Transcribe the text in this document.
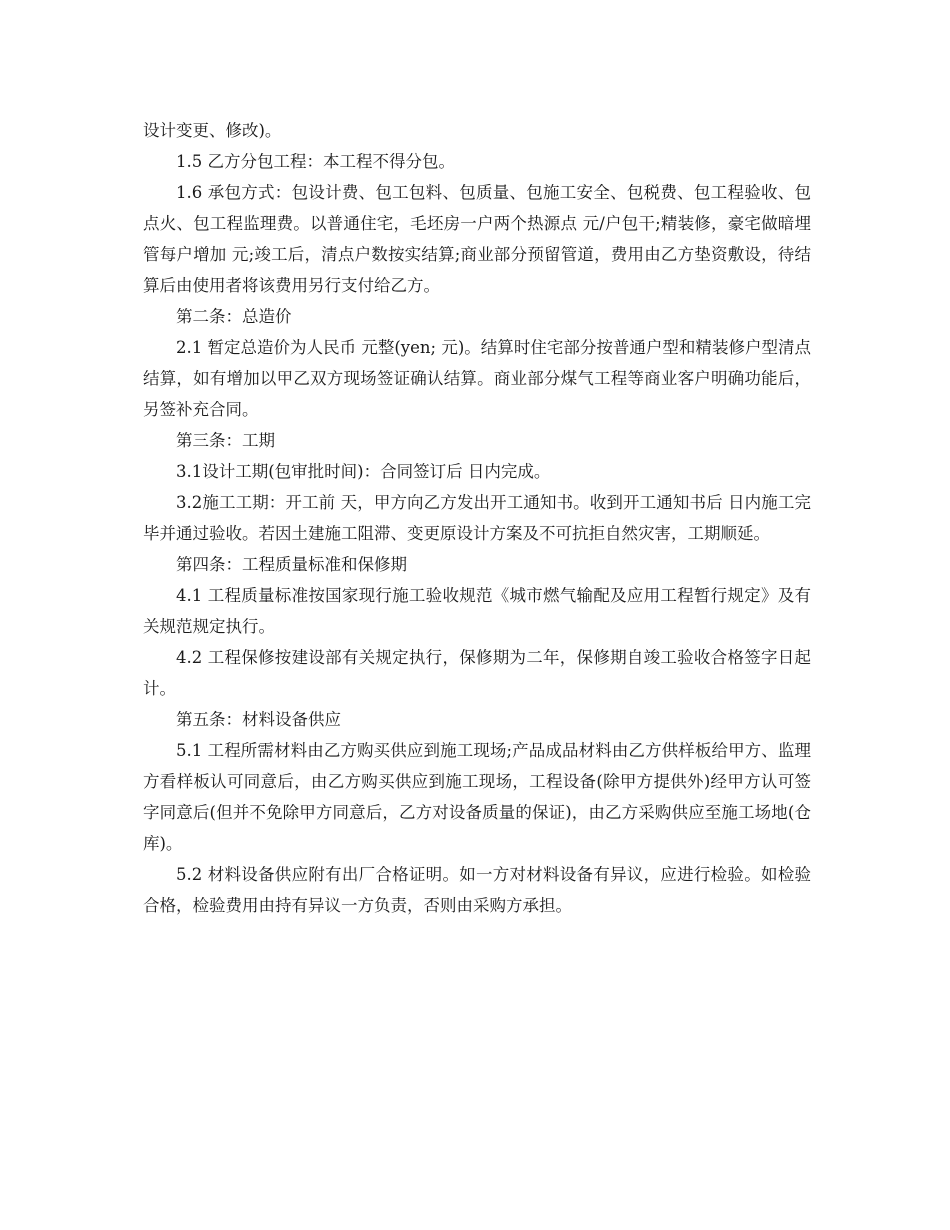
设计变更、修改)。

1.5 乙方分包工程：本工程不得分包。

1.6 承包方式：包设计费、包工包料、包质量、包施工安全、包税费、包工程验收、包点火、包工程监理费。以普通住宅，毛坯房一户两个热源点 元/户包干;精装修，豪宅做暗埋管每户增加 元;竣工后，清点户数按实结算;商业部分预留管道，费用由乙方垫资敷设，待结算后由使用者将该费用另行支付给乙方。

第二条：总造价

2.1 暂定总造价为人民币 元整(yen; 元)。结算时住宅部分按普通户型和精装修户型清点结算，如有增加以甲乙双方现场签证确认结算。商业部分煤气工程等商业客户明确功能后，另签补充合同。

第三条：工期

3.1设计工期(包审批时间)：合同签订后 日内完成。

3.2施工工期：开工前 天，甲方向乙方发出开工通知书。收到开工通知书后 日内施工完毕并通过验收。若因土建施工阻滞、变更原设计方案及不可抗拒自然灾害，工期顺延。

第四条：工程质量标准和保修期

4.1 工程质量标准按国家现行施工验收规范《城市燃气输配及应用工程暂行规定》及有关规范规定执行。

4.2 工程保修按建设部有关规定执行，保修期为二年，保修期自竣工验收合格签字日起计。

第五条：材料设备供应

5.1 工程所需材料由乙方购买供应到施工现场;产品成品材料由乙方供样板给甲方、监理方看样板认可同意后，由乙方购买供应到施工现场，工程设备(除甲方提供外)经甲方认可签字同意后(但并不免除甲方同意后，乙方对设备质量的保证)，由乙方采购供应至施工场地(仓库)。

5.2 材料设备供应附有出厂合格证明。如一方对材料设备有异议，应进行检验。如检验合格，检验费用由持有异议一方负责，否则由采购方承担。
